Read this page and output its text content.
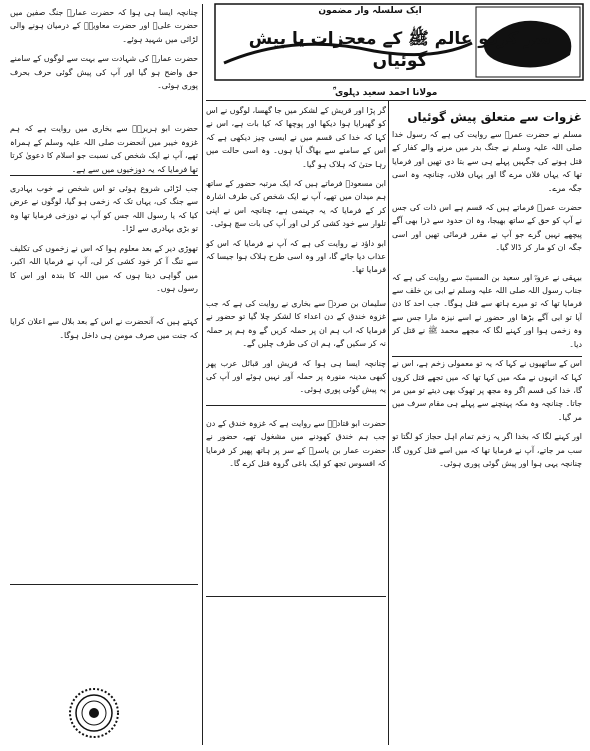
ایک سلسلہ وار مضمون
سر کردو عالم ﷺ کے معجزات یا پیش گوئیاں
مولانا احمد سعید دہلوی ؒ
غزوات سے متعلق پیش گوئیاں

مسلم نے حضرت عمرؓ سے روایت کی ہے کہ رسول خدا صلی اللہ علیہ وسلم نے جنگ بدر میں مرنے والے کفار کے قتل ہونے کی جگہیں پہلے ہی سے بتا دی تھیں اور فرمایا تھا کہ یہاں فلاں مرے گا اور یہاں فلاں، چنانچہ وہ اسی جگہ مرے۔

حضرت عمرؓ فرماتے ہیں کہ قسم ہے اس ذات کی جس نے آپ کو حق کے ساتھ بھیجا، وہ ان حدود سے ذرا بھی آگے پیچھے نہیں گرے جو آپ نے مقرر فرمائی تھیں اور اسی جگہ ان کو مار کر ڈالا گیا۔

بیہقی نے عروہؓ اور سعید بن المسیبؓ سے روایت کی ہے کہ جناب رسول اللہ صلی اللہ علیہ وسلم نے ابی بن خلف سے فرمایا تھا کہ تو میرے ہاتھ سے قتل ہوگا۔ جب احد کا دن آیا تو ابی آگے بڑھا اور حضور نے اسے نیزہ مارا جس سے وہ زخمی ہوا اور کہنے لگا کہ مجھے محمد ﷺ نے قتل کر دیا۔

اس کے ساتھیوں نے کہا کہ یہ تو معمولی زخم ہے، اس نے کہا کہ انہوں نے مکہ میں کہا تھا کہ میں تجھے قتل کروں گا، خدا کی قسم اگر وہ مجھ پر تھوک بھی دیتے تو میں مر جاتا۔ چنانچہ وہ مکہ پہنچنے سے پہلے ہی مقام سرف میں مر گیا۔

اور کہنے لگا کہ بخدا اگر یہ زخم تمام اہل حجاز کو لگتا تو سب مر جاتے، آپ نے فرمایا تھا کہ میں اسے قتل کروں گا، چنانچہ یہی ہوا اور پیش گوئی پوری ہوئی۔

گر پڑا اور قریش کے لشکر میں جا گھسا، لوگوں نے اس کو گھبرایا ہوا دیکھا اور پوچھا کہ کیا بات ہے، اس نے کہا کہ خدا کی قسم میں نے ایسی چیز دیکھی ہے کہ اس کے سامنے سے بھاگ آیا ہوں۔ وہ اسی حالت میں رہا حتیٰ کہ ہلاک ہو گیا۔

ابن مسعودؓ فرماتے ہیں کہ ایک مرتبہ حضور کے ساتھ ہم میدان میں تھے، آپ نے ایک شخص کی طرف اشارہ کر کے فرمایا کہ یہ جہنمی ہے، چنانچہ اس نے اپنی تلوار سے خود کشی کر لی اور آپ کی بات سچ ہوئی۔

ابو داؤد نے روایت کی ہے کہ آپ نے فرمایا کہ اس کو عذاب دیا جائے گا، اور وہ اسی طرح ہلاک ہوا جیسا کہ فرمایا تھا۔

سلیمان بن صردؓ سے بخاری نے روایت کی ہے کہ جب غزوہ خندق کے دن اعداء کا لشکر چلا گیا تو حضور نے فرمایا کہ اب ہم ان پر حملہ کریں گے وہ ہم پر حملہ نہ کر سکیں گے، ہم ان کی طرف چلیں گے۔

چنانچہ ایسا ہی ہوا کہ قریش اور قبائل عرب پھر کبھی مدینہ منورہ پر حملہ آور نہیں ہوئے اور آپ کی یہ پیش گوئی پوری ہوئی۔

حضرت ابو قتادہؓ سے روایت ہے کہ غزوہ خندق کے دن جب ہم خندق کھودنے میں مشغول تھے، حضور نے حضرت عمار بن یاسرؓ کے سر پر ہاتھ پھیر کر فرمایا کہ افسوس تجھ کو ایک باغی گروہ قتل کرے گا۔

چنانچہ ایسا ہی ہوا کہ حضرت عمارؓ جنگ صفین میں حضرت علیؓ اور حضرت معاویہؓ کے درمیان ہونے والی لڑائی میں شہید ہوئے۔

حضرت عمارؓ کی شہادت سے بہت سے لوگوں کے سامنے حق واضح ہو گیا اور آپ کی پیش گوئی حرف بحرف پوری ہوئی۔

حضرت ابو ہریرہؓ سے بخاری میں روایت ہے کہ ہم غزوہ خیبر میں آنحضرت صلی اللہ علیہ وسلم کے ہمراہ تھے، آپ نے ایک شخص کی نسبت جو اسلام کا دعویٰ کرتا تھا فرمایا کہ یہ دوزخیوں میں سے ہے۔

جب لڑائی شروع ہوئی تو اس شخص نے خوب بہادری سے جنگ کی، یہاں تک کہ زخمی ہو گیا، لوگوں نے عرض کیا کہ یا رسول اللہ جس کو آپ نے دوزخی فرمایا تھا وہ تو بڑی بہادری سے لڑا۔

تھوڑی دیر کے بعد معلوم ہوا کہ اس نے زخموں کی تکلیف سے تنگ آ کر خود کشی کر لی، آپ نے فرمایا اللہ اکبر، میں گواہی دیتا ہوں کہ میں اللہ کا بندہ اور اس کا رسول ہوں۔

کہتے ہیں کہ آنحضرت نے اس کے بعد بلال سے اعلان کرایا کہ جنت میں صرف مومن ہی داخل ہوگا۔
